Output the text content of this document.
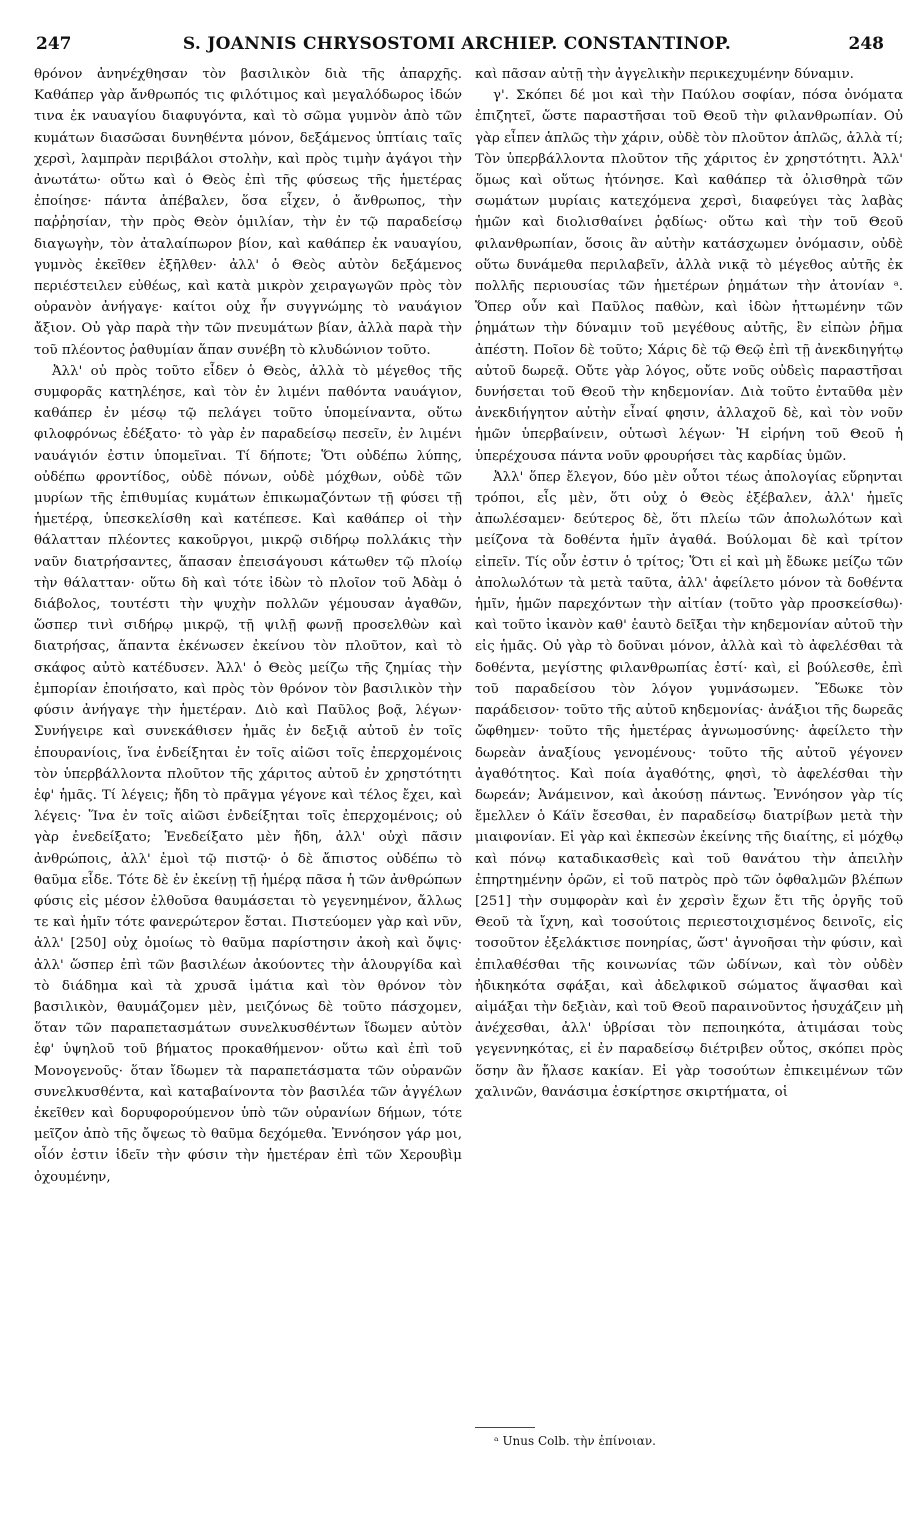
247	S. JOANNIS CHRYSOSTOMI ARCHIEP. CONSTANTINOP.	248

θρόνον ἀνηνέχθησαν τὸν βασιλικὸν διὰ τῆς ἀπαρχῆς. Καθάπερ γὰρ ἄνθρωπός τις φιλότιμος καὶ μεγαλόδωρος ἰδών τινα ἐκ ναυαγίου διαφυγόντα, καὶ τὸ σῶμα γυμνὸν ἀπὸ τῶν κυμάτων διασῶσαι δυνηθέντα μόνον, δεξάμενος ὑπτίαις ταῖς χερσὶ, λαμπρὰν περιβάλοι στολὴν, καὶ πρὸς τιμὴν ἀγάγοι τὴν ἀνωτάτω· οὕτω καὶ ὁ Θεὸς ἐπὶ τῆς φύσεως τῆς ἡμετέρας ἐποίησε· πάντα ἀπέβαλεν, ὅσα εἶχεν, ὁ ἄνθρωπος, τὴν παῤῥησίαν, τὴν πρὸς Θεὸν ὁμιλίαν, τὴν ἐν τῷ παραδείσῳ διαγωγὴν, τὸν ἀταλαίπωρον βίον, καὶ καθάπερ ἐκ ναυαγίου, γυμνὸς ἐκεῖθεν ἐξῆλθεν· ἀλλ' ὁ Θεὸς αὐτὸν δεξάμενος περιέστειλεν εὐθέως, καὶ κατὰ μικρὸν χειραγωγῶν πρὸς τὸν οὐρανὸν ἀνήγαγε· καίτοι οὐχ ἦν συγγνώμης τὸ ναυάγιον ἄξιον. Οὐ γὰρ παρὰ τὴν τῶν πνευμάτων βίαν, ἀλλὰ παρὰ τὴν τοῦ πλέοντος ῥαθυμίαν ἅπαν συνέβη τὸ κλυδώνιον τοῦτο.

Ἀλλ' οὐ πρὸς τοῦτο εἶδεν ὁ Θεὸς, ἀλλὰ τὸ μέγεθος τῆς συμφορᾶς κατηλέησε, καὶ τὸν ἐν λιμένι παθόντα ναυάγιον, καθάπερ ἐν μέσῳ τῷ πελάγει τοῦτο ὑπομείναντα, οὕτω φιλοφρόνως ἐδέξατο· τὸ γὰρ ἐν παραδείσῳ πεσεῖν, ἐν λιμένι ναυάγιόν ἐστιν ὑπομεῖναι. Τί δήποτε; Ὅτι οὐδέπω λύπης, οὐδέπω φροντίδος, οὐδὲ πόνων, οὐδὲ μόχθων, οὐδὲ τῶν μυρίων τῆς ἐπιθυμίας κυμάτων ἐπικωμαζόντων τῇ φύσει τῇ ἡμετέρᾳ, ὑπεσκελίσθη καὶ κατέπεσε. Καὶ καθάπερ οἱ τὴν θάλατταν πλέοντες κακοῦργοι, μικρῷ σιδήρῳ πολλάκις τὴν ναῦν διατρήσαντες, ἅπασαν ἐπεισάγουσι κάτωθεν τῷ πλοίῳ τὴν θάλατταν· οὕτω δὴ καὶ τότε ἰδὼν τὸ πλοῖον τοῦ Ἀδὰμ ὁ διάβολος, τουτέστι τὴν ψυχὴν πολλῶν γέμουσαν ἀγαθῶν, ὥσπερ τινὶ σιδήρῳ μικρῷ, τῇ ψιλῇ φωνῇ προσελθὼν καὶ διατρήσας, ἅπαντα ἐκένωσεν ἐκείνου τὸν πλοῦτον, καὶ τὸ σκάφος αὐτὸ κατέδυσεν. Ἀλλ' ὁ Θεὸς μείζω τῆς ζημίας τὴν ἐμπορίαν ἐποιήσατο, καὶ πρὸς τὸν θρόνον τὸν βασιλικὸν τὴν φύσιν ἀνήγαγε τὴν ἡμετέραν. Διὸ καὶ Παῦλος βοᾷ, λέγων· Συνήγειρε καὶ συνεκάθισεν ἡμᾶς ἐν δεξιᾷ αὐτοῦ ἐν τοῖς ἐπουρανίοις, ἵνα ἐνδείξηται ἐν τοῖς αἰῶσι τοῖς ἐπερχομένοις τὸν ὑπερβάλλοντα πλοῦτον τῆς χάριτος αὐτοῦ ἐν χρηστότητι ἐφ' ἡμᾶς. Τί λέγεις; ἤδη τὸ πρᾶγμα γέγονε καὶ τέλος ἔχει, καὶ λέγεις· Ἵνα ἐν τοῖς αἰῶσι ἐνδείξηται τοῖς ἐπερχομένοις; οὐ γὰρ ἐνεδείξατο; Ἐνεδείξατο μὲν ἤδη, ἀλλ' οὐχὶ πᾶσιν ἀνθρώποις, ἀλλ' ἐμοὶ τῷ πιστῷ· ὁ δὲ ἄπιστος οὐδέπω τὸ θαῦμα εἶδε. Τότε δὲ ἐν ἐκείνῃ τῇ ἡμέρᾳ πᾶσα ἡ τῶν ἀνθρώπων φύσις εἰς μέσον ἐλθοῦσα θαυμάσεται τὸ γεγενημένον, ἄλλως τε καὶ ἡμῖν τότε φανερώτερον ἔσται. Πιστεύομεν γὰρ καὶ νῦν, ἀλλ' [250] οὐχ ὁμοίως τὸ θαῦμα παρίστησιν ἀκοὴ καὶ ὄψις· ἀλλ' ὥσπερ ἐπὶ τῶν βασιλέων ἀκούοντες τὴν ἁλουργίδα καὶ τὸ διάδημα καὶ τὰ χρυσᾶ ἱμάτια καὶ τὸν θρόνον τὸν βασιλικὸν, θαυμάζομεν μὲν, μειζόνως δὲ τοῦτο πάσχομεν, ὅταν τῶν παραπετασμάτων συνελκυσθέντων ἴδωμεν αὐτὸν ἐφ' ὑψηλοῦ τοῦ βήματος προκαθήμενον· οὕτω καὶ ἐπὶ τοῦ Μονογενοῦς· ὅταν ἴδωμεν τὰ παραπετάσματα τῶν οὐρανῶν συνελκυσθέντα, καὶ καταβαίνοντα τὸν βασιλέα τῶν ἀγγέλων ἐκεῖθεν καὶ δορυφορούμενον ὑπὸ τῶν οὐρανίων δήμων, τότε μεῖζον ἀπὸ τῆς ὄψεως τὸ θαῦμα δεχόμεθα. Ἐννόησον γάρ μοι, οἷόν ἐστιν ἰδεῖν τὴν φύσιν τὴν ἡμετέραν ἐπὶ τῶν Χερουβὶμ ὀχουμένην,

καὶ πᾶσαν αὐτῇ τὴν ἀγγελικὴν περικεχυμένην δύναμιν.

γ'. Σκόπει δέ μοι καὶ τὴν Παύλου σοφίαν, πόσα ὀνόματα ἐπιζητεῖ, ὥστε παραστῆσαι τοῦ Θεοῦ τὴν φιλανθρωπίαν. Οὐ γὰρ εἶπεν ἁπλῶς τὴν χάριν, οὐδὲ τὸν πλοῦτον ἁπλῶς, ἀλλὰ τί; Τὸν ὑπερβάλλοντα πλοῦτον τῆς χάριτος ἐν χρηστότητι. Ἀλλ' ὅμως καὶ οὕτως ἠτόνησε. Καὶ καθάπερ τὰ ὀλισθηρὰ τῶν σωμάτων μυρίαις κατεχόμενα χερσὶ, διαφεύγει τὰς λαβὰς ἡμῶν καὶ διολισθαίνει ῥᾳδίως· οὕτω καὶ τὴν τοῦ Θεοῦ φιλανθρωπίαν, ὅσοις ἂν αὐτὴν κατάσχωμεν ὀνόμασιν, οὐδὲ οὕτω δυνάμεθα περιλαβεῖν, ἀλλὰ νικᾷ τὸ μέγεθος αὐτῆς ἐκ πολλῆς περιουσίας τῶν ἡμετέρων ῥημάτων τὴν ἀτονίαν ᵃ. Ὅπερ οὖν καὶ Παῦλος παθὼν, καὶ ἰδὼν ἡττωμένην τῶν ῥημάτων τὴν δύναμιν τοῦ μεγέθους αὐτῆς, ἓν εἰπὼν ῥῆμα ἀπέστη. Ποῖον δὲ τοῦτο; Χάρις δὲ τῷ Θεῷ ἐπὶ τῇ ἀνεκδιηγήτῳ αὐτοῦ δωρεᾷ. Οὔτε γὰρ λόγος, οὔτε νοῦς οὐδεὶς παραστῆσαι δυνήσεται τοῦ Θεοῦ τὴν κηδεμονίαν. Διὰ τοῦτο ἐνταῦθα μὲν ἀνεκδιήγητον αὐτὴν εἶναί φησιν, ἀλλαχοῦ δὲ, καὶ τὸν νοῦν ἡμῶν ὑπερβαίνειν, οὑτωσὶ λέγων· Ἡ εἰρήνη τοῦ Θεοῦ ἡ ὑπερέχουσα πάντα νοῦν φρουρήσει τὰς καρδίας ὑμῶν.

Ἀλλ' ὅπερ ἔλεγον, δύο μὲν οὗτοι τέως ἀπολογίας εὕρηνται τρόποι, εἷς μὲν, ὅτι οὐχ ὁ Θεὸς ἐξέβαλεν, ἀλλ' ἡμεῖς ἀπωλέσαμεν· δεύτερος δὲ, ὅτι πλείω τῶν ἀπολωλότων καὶ μείζονα τὰ δοθέντα ἡμῖν ἀγαθά. Βούλομαι δὲ καὶ τρίτον εἰπεῖν. Τίς οὖν ἐστιν ὁ τρίτος; Ὅτι εἰ καὶ μὴ ἔδωκε μείζω τῶν ἀπολωλότων τὰ μετὰ ταῦτα, ἀλλ' ἀφείλετο μόνον τὰ δοθέντα ἡμῖν, ἡμῶν παρεχόντων τὴν αἰτίαν (τοῦτο γὰρ προσκείσθω)· καὶ τοῦτο ἱκανὸν καθ' ἑαυτὸ δεῖξαι τὴν κηδεμονίαν αὐτοῦ τὴν εἰς ἡμᾶς. Οὐ γὰρ τὸ δοῦναι μόνον, ἀλλὰ καὶ τὸ ἀφελέσθαι τὰ δοθέντα, μεγίστης φιλανθρωπίας ἐστί· καὶ, εἰ βούλεσθε, ἐπὶ τοῦ παραδείσου τὸν λόγον γυμνάσωμεν. Ἔδωκε τὸν παράδεισον· τοῦτο τῆς αὐτοῦ κηδεμονίας· ἀνάξιοι τῆς δωρεᾶς ὤφθημεν· τοῦτο τῆς ἡμετέρας ἀγνωμοσύνης· ἀφείλετο τὴν δωρεὰν ἀναξίους γενομένους· τοῦτο τῆς αὐτοῦ γέγονεν ἀγαθότητος. Καὶ ποία ἀγαθότης, φησὶ, τὸ ἀφελέσθαι τὴν δωρεάν; Ἀνάμεινον, καὶ ἀκούσῃ πάντως. Ἐννόησον γὰρ τίς ἔμελλεν ὁ Κάϊν ἔσεσθαι, ἐν παραδείσῳ διατρίβων μετὰ τὴν μιαιφονίαν. Εἰ γὰρ καὶ ἐκπεσὼν ἐκείνης τῆς διαίτης, εἰ μόχθῳ καὶ πόνῳ καταδικασθεὶς καὶ τοῦ θανάτου τὴν ἀπειλὴν ἐπηρτημένην ὁρῶν, εἰ τοῦ πατρὸς πρὸ τῶν ὀφθαλμῶν βλέπων [251] τὴν συμφορὰν καὶ ἐν χερσὶν ἔχων ἔτι τῆς ὀργῆς τοῦ Θεοῦ τὰ ἴχνη, καὶ τοσούτοις περιεστοιχισμένος δεινοῖς, εἰς τοσοῦτον ἐξελάκτισε πονηρίας, ὥστ' ἀγνοῆσαι τὴν φύσιν, καὶ ἐπιλαθέσθαι τῆς κοινωνίας τῶν ὠδίνων, καὶ τὸν οὐδὲν ἠδικηκότα σφάξαι, καὶ ἀδελφικοῦ σώματος ἅψασθαι καὶ αἱμάξαι τὴν δεξιὰν, καὶ τοῦ Θεοῦ παραινοῦντος ἡσυχάζειν μὴ ἀνέχεσθαι, ἀλλ' ὑβρίσαι τὸν πεποιηκότα, ἀτιμάσαι τοὺς γεγεννηκότας, εἰ ἐν παραδείσῳ διέτριβεν οὗτος, σκόπει πρὸς ὅσην ἂν ἤλασε κακίαν. Εἰ γὰρ τοσούτων ἐπικειμένων τῶν χαλινῶν, θανάσιμα ἐσκίρτησε σκιρτήματα, οἱ

ᵃ Unus Colb. τὴν ἐπίνοιαν.
